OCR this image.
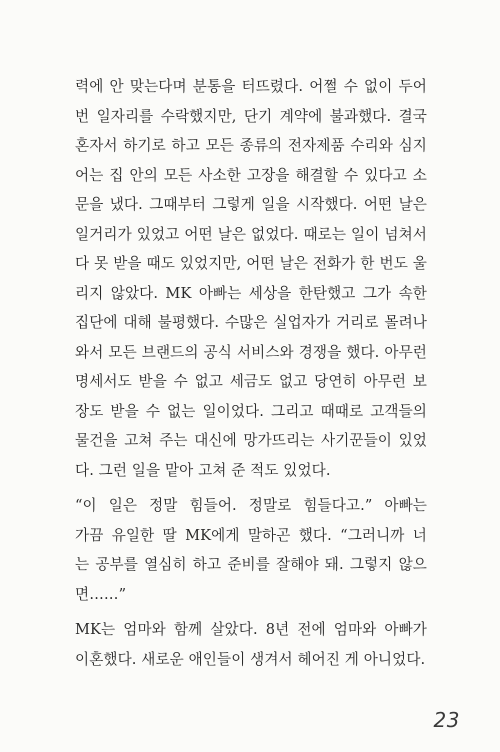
력에 안 맞는다며 분통을 터뜨렸다. 어쩔 수 없이 두어
번 일자리를 수락했지만, 단기 계약에 불과했다. 결국
혼자서 하기로 하고 모든 종류의 전자제품 수리와 심지
어는 집 안의 모든 사소한 고장을 해결할 수 있다고 소
문을 냈다. 그때부터 그렇게 일을 시작했다. 어떤 날은
일거리가 있었고 어떤 날은 없었다. 때로는 일이 넘쳐서
다 못 받을 때도 있었지만, 어떤 날은 전화가 한 번도 울
리지 않았다. MK 아빠는 세상을 한탄했고 그가 속한
집단에 대해 불평했다. 수많은 실업자가 거리로 몰려나
와서 모든 브랜드의 공식 서비스와 경쟁을 했다. 아무런
명세서도 받을 수 없고 세금도 없고 당연히 아무런 보
장도 받을 수 없는 일이었다. 그리고 때때로 고객들의
물건을 고쳐 주는 대신에 망가뜨리는 사기꾼들이 있었
다. 그런 일을 맡아 고쳐 준 적도 있었다.
“이 일은 정말 힘들어. 정말로 힘들다고.” 아빠는
가끔 유일한 딸 MK에게 말하곤 했다. “그러니까 너
는 공부를 열심히 하고 준비를 잘해야 돼. 그렇지 않으
면……”
MK는 엄마와 함께 살았다. 8년 전에 엄마와 아빠가
이혼했다. 새로운 애인들이 생겨서 헤어진 게 아니었다.
23
